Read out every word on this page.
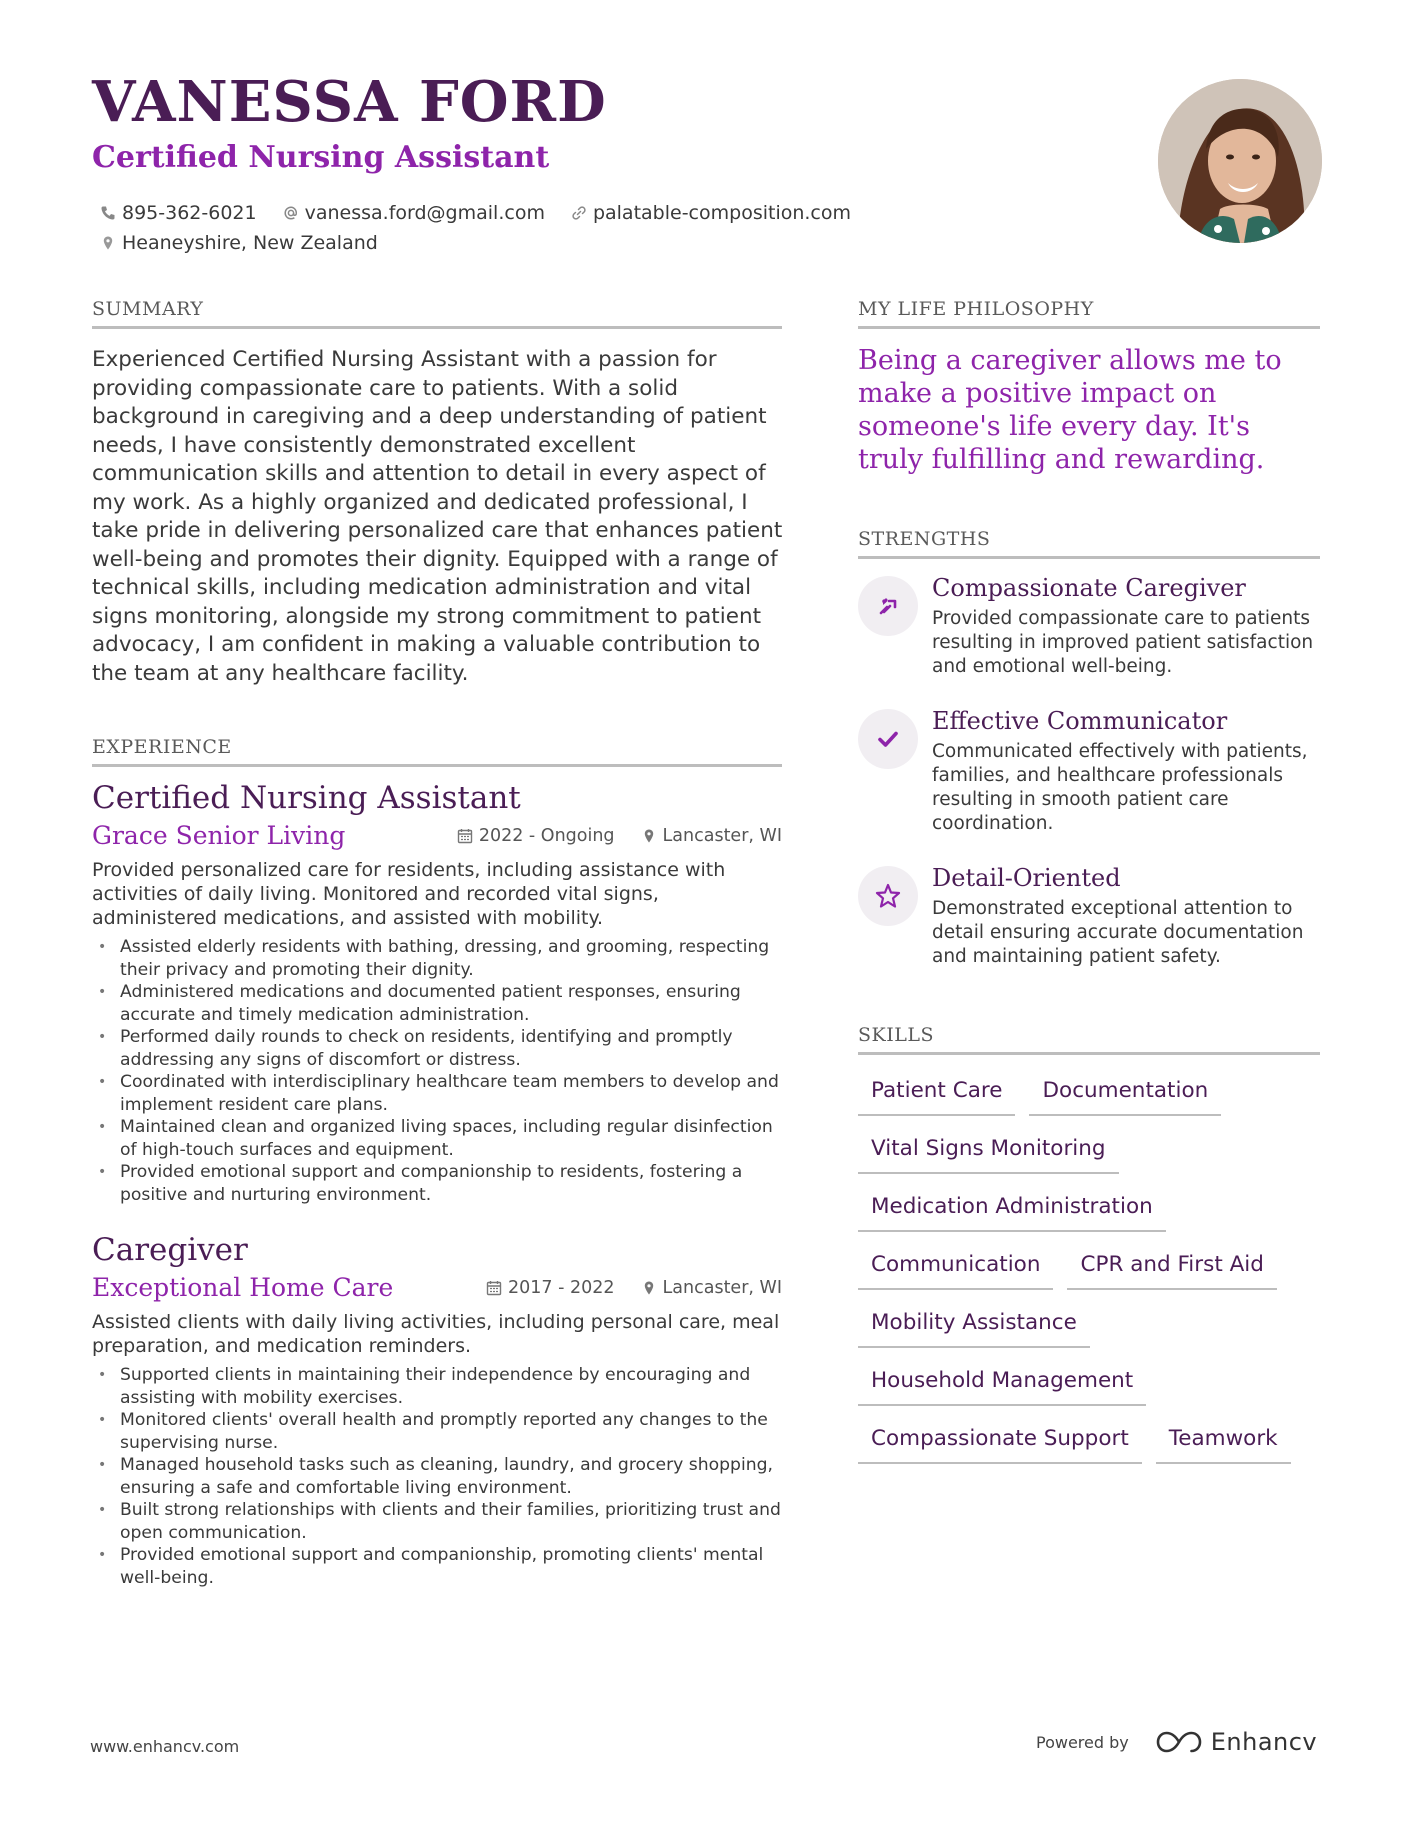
VANESSA FORD
Certified Nursing Assistant
895-362-6021	vanessa.ford@gmail.com	palatable-composition.com
Heaneyshire, New Zealand
SUMMARY

Experienced Certified Nursing Assistant with a passion for providing compassionate care to patients. With a solid background in caregiving and a deep understanding of patient needs, I have consistently demonstrated excellent communication skills and attention to detail in every aspect of my work. As a highly organized and dedicated professional, I take pride in delivering personalized care that enhances patient well-being and promotes their dignity. Equipped with a range of technical skills, including medication administration and vital signs monitoring, alongside my strong commitment to patient advocacy, I am confident in making a valuable contribution to the team at any healthcare facility.

EXPERIENCE
Certified Nursing Assistant
Grace Senior Living	2022 - Ongoing	Lancaster, WI

Provided personalized care for residents, including assistance with activities of daily living. Monitored and recorded vital signs, administered medications, and assisted with mobility.

• Assisted elderly residents with bathing, dressing, and grooming, respecting their privacy and promoting their dignity.
• Administered medications and documented patient responses, ensuring accurate and timely medication administration.
• Performed daily rounds to check on residents, identifying and promptly addressing any signs of discomfort or distress.
• Coordinated with interdisciplinary healthcare team members to develop and implement resident care plans.
• Maintained clean and organized living spaces, including regular disinfection of high-touch surfaces and equipment.
• Provided emotional support and companionship to residents, fostering a positive and nurturing environment.
Caregiver
Exceptional Home Care	2017 - 2022	Lancaster, WI

Assisted clients with daily living activities, including personal care, meal preparation, and medication reminders.

• Supported clients in maintaining their independence by encouraging and assisting with mobility exercises.
• Monitored clients' overall health and promptly reported any changes to the supervising nurse.
• Managed household tasks such as cleaning, laundry, and grocery shopping, ensuring a safe and comfortable living environment.
• Built strong relationships with clients and their families, prioritizing trust and open communication.
• Provided emotional support and companionship, promoting clients' mental well-being.
MY LIFE PHILOSOPHY

Being a caregiver allows me to make a positive impact on someone's life every day. It's truly fulfilling and rewarding.

STRENGTHS
Compassionate Caregiver

Provided compassionate care to patients resulting in improved patient satisfaction and emotional well-being.

Effective Communicator

Communicated effectively with patients, families, and healthcare professionals resulting in smooth patient care coordination.

Detail-Oriented

Demonstrated exceptional attention to detail ensuring accurate documentation and maintaining patient safety.

SKILLS
Patient Care	Documentation
Vital Signs Monitoring
Medication Administration
Communication	CPR and First Aid
Mobility Assistance
Household Management
Compassionate Support	Teamwork
www.enhancv.com	Powered by	Enhancv
